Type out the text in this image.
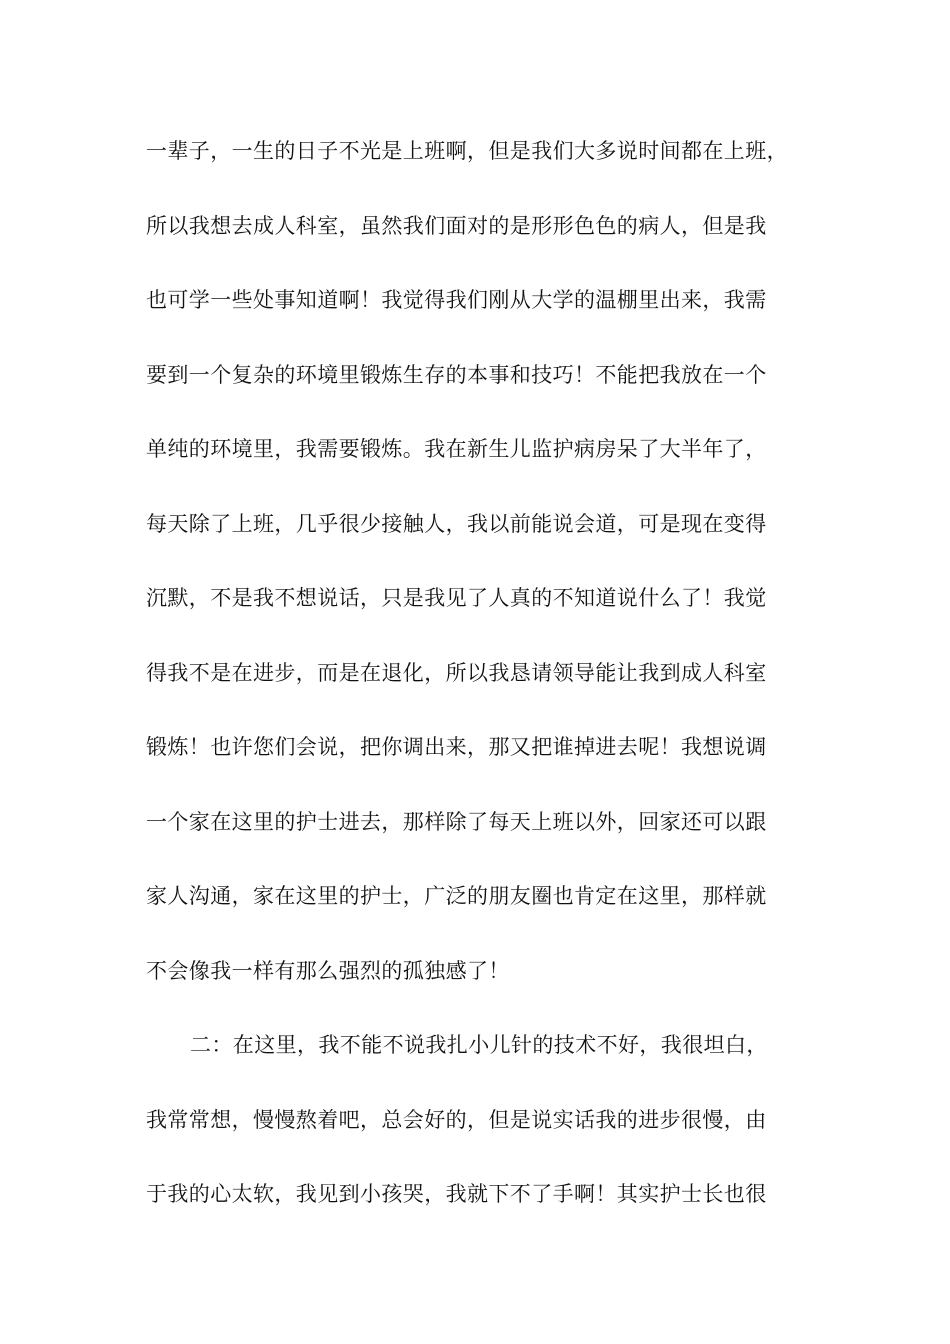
一辈子，一生的日子不光是上班啊，但是我们大多说时间都在上班，
所以我想去成人科室，虽然我们面对的是形形色色的病人，但是我
也可学一些处事知道啊！我觉得我们刚从大学的温棚里出来，我需
要到一个复杂的环境里锻炼生存的本事和技巧！不能把我放在一个
单纯的环境里，我需要锻炼。我在新生儿监护病房呆了大半年了，
每天除了上班，几乎很少接触人，我以前能说会道，可是现在变得
沉默，不是我不想说话，只是我见了人真的不知道说什么了！我觉
得我不是在进步，而是在退化，所以我恳请领导能让我到成人科室
锻炼！也许您们会说，把你调出来，那又把谁掉进去呢！我想说调
一个家在这里的护士进去，那样除了每天上班以外，回家还可以跟
家人沟通，家在这里的护士，广泛的朋友圈也肯定在这里，那样就
不会像我一样有那么强烈的孤独感了！
二：在这里，我不能不说我扎小儿针的技术不好，我很坦白，
我常常想，慢慢熬着吧，总会好的，但是说实话我的进步很慢，由
于我的心太软，我见到小孩哭，我就下不了手啊！其实护士长也很
